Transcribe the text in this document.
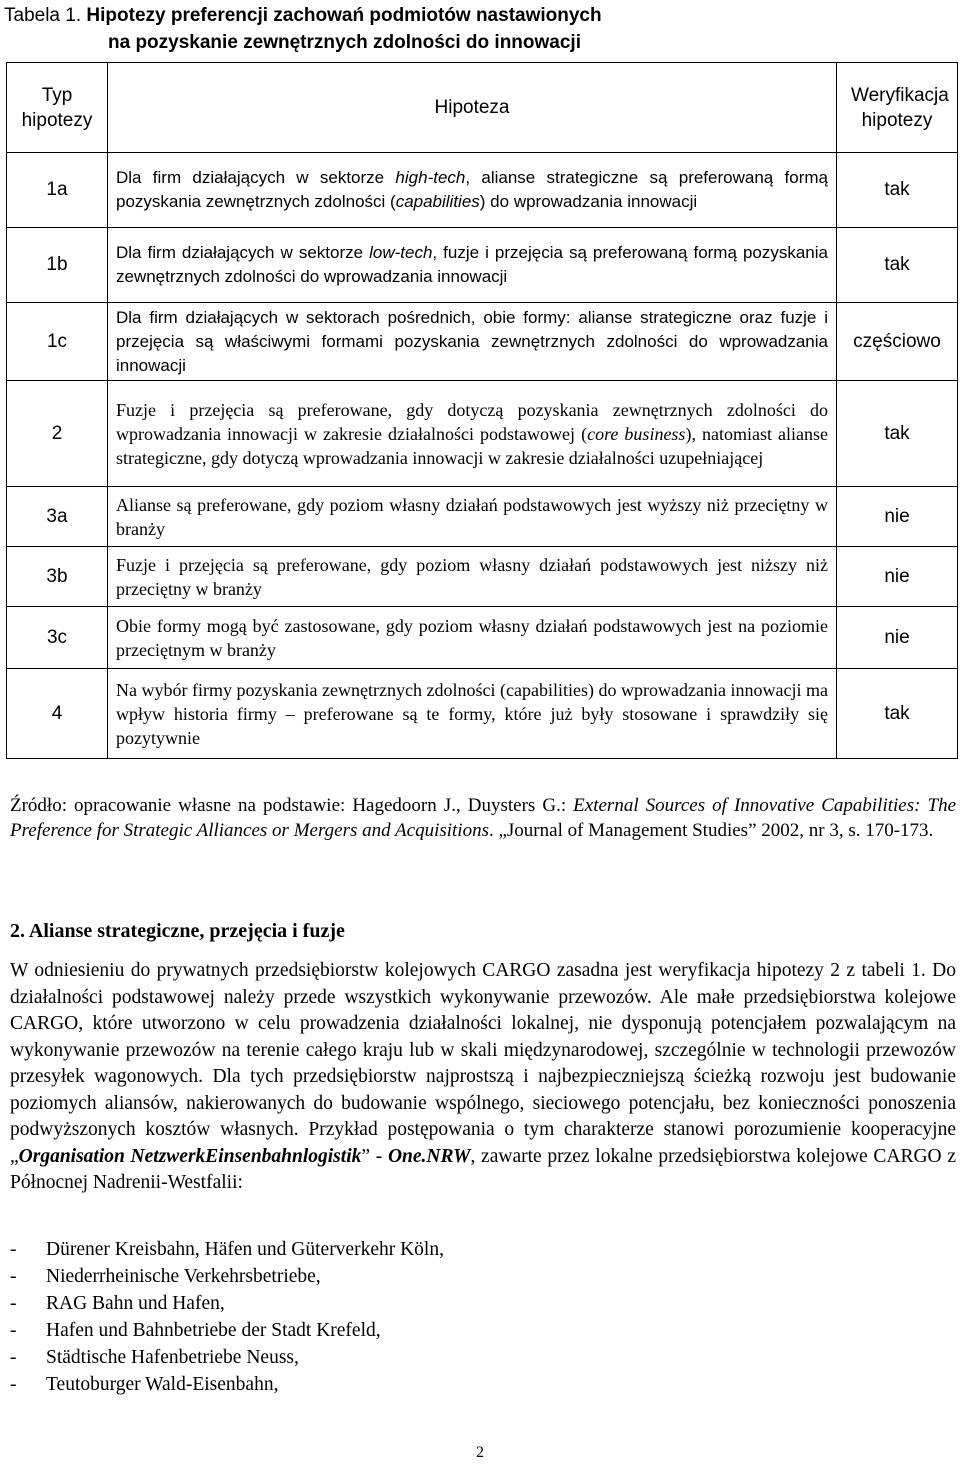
Tabela 1. Hipotezy preferencji zachowań podmiotów nastawionych
na pozyskanie zewnętrznych zdolności do innowacji
Typ hipotezy	Hipoteza	Weryfikacja hipotezy
1a	Dla firm działających w sektorze high-tech, alianse strategiczne są preferowaną formą pozyskania zewnętrznych zdolności (capabilities) do wprowadzania innowacji	tak
1b	Dla firm działających w sektorze low-tech, fuzje i przejęcia są preferowaną formą pozyskania zewnętrznych zdolności do wprowadzania innowacji	tak
1c	Dla firm działających w sektorach pośrednich, obie formy: alianse strategiczne oraz fuzje i przejęcia są właściwymi formami pozyskania zewnętrznych zdolności do wprowadzania innowacji	częściowo
2	Fuzje i przejęcia są preferowane, gdy dotyczą pozyskania zewnętrznych zdolności do wprowadzania innowacji w zakresie działalności podstawowej (core business), natomiast alianse strategiczne, gdy dotyczą wprowadzania innowacji w zakresie działalności uzupełniającej	tak
3a	Alianse są preferowane, gdy poziom własny działań podstawowych jest wyższy niż przeciętny w branży	nie
3b	Fuzje i przejęcia są preferowane, gdy poziom własny działań podstawowych jest niższy niż przeciętny w branży	nie
3c	Obie formy mogą być zastosowane, gdy poziom własny działań podstawowych jest na poziomie przeciętnym w branży	nie
4	Na wybór firmy pozyskania zewnętrznych zdolności (capabilities) do wprowadzania innowacji ma wpływ historia firmy – preferowane są te formy, które już były stosowane i sprawdziły się pozytywnie	tak
Źródło: opracowanie własne na podstawie: Hagedoorn J., Duysters G.: External Sources of Innovative Capabilities: The Preference for Strategic Alliances or Mergers and Acquisitions. „Journal of Management Studies” 2002, nr 3, s. 170-173.
2. Alianse strategiczne, przejęcia i fuzje
W odniesieniu do prywatnych przedsiębiorstw kolejowych CARGO zasadna jest weryfikacja hipotezy 2 z tabeli 1. Do działalności podstawowej należy przede wszystkich wykonywanie przewozów. Ale małe przedsiębiorstwa kolejowe CARGO, które utworzono w celu prowadzenia działalności lokalnej, nie dysponują potencjałem pozwalającym na wykonywanie przewozów na terenie całego kraju lub w skali międzynarodowej, szczególnie w technologii przewozów przesyłek wagonowych. Dla tych przedsiębiorstw najprostszą i najbezpieczniejszą ścieżką rozwoju jest budowanie poziomych aliansów, nakierowanych do budowanie wspólnego, sieciowego potencjału, bez konieczności ponoszenia podwyższonych kosztów własnych. Przykład postępowania o tym charakterze stanowi porozumienie kooperacyjne „Organisation NetzwerkEinsenbahnlogistik” - One.NRW, zawarte przez lokalne przedsiębiorstwa kolejowe CARGO z Północnej Nadrenii-Westfalii:
-	Dürener Kreisbahn, Häfen und Güterverkehr Köln,
-	Niederrheinische Verkehrsbetriebe,
-	RAG Bahn und Hafen,
-	Hafen und Bahnbetriebe der Stadt Krefeld,
-	Städtische Hafenbetriebe Neuss,
-	Teutoburger Wald-Eisenbahn,
2
